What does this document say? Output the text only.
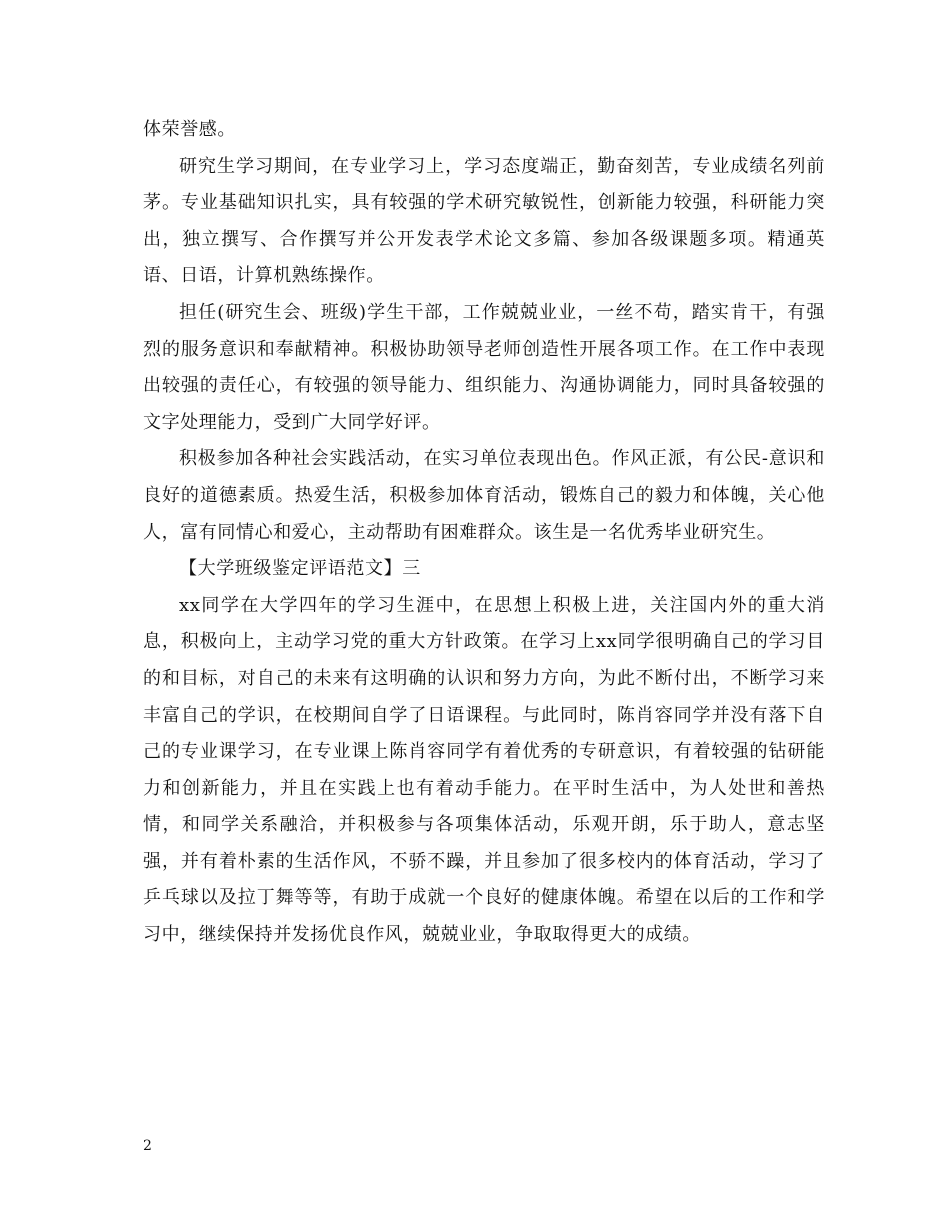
体荣誉感。

研究生学习期间，在专业学习上，学习态度端正，勤奋刻苦，专业成绩名列前茅。专业基础知识扎实，具有较强的学术研究敏锐性，创新能力较强，科研能力突出，独立撰写、合作撰写并公开发表学术论文多篇、参加各级课题多项。精通英语、日语，计算机熟练操作。

担任(研究生会、班级)学生干部，工作兢兢业业，一丝不苟，踏实肯干，有强烈的服务意识和奉献精神。积极协助领导老师创造性开展各项工作。在工作中表现出较强的责任心，有较强的领导能力、组织能力、沟通协调能力，同时具备较强的文字处理能力，受到广大同学好评。

积极参加各种社会实践活动，在实习单位表现出色。作风正派，有公民-意识和良好的道德素质。热爱生活，积极参加体育活动，锻炼自己的毅力和体魄，关心他人，富有同情心和爱心，主动帮助有困难群众。该生是一名优秀毕业研究生。

【大学班级鉴定评语范文】三

xx同学在大学四年的学习生涯中，在思想上积极上进，关注国内外的重大消息，积极向上，主动学习党的重大方针政策。在学习上xx同学很明确自己的学习目的和目标，对自己的未来有这明确的认识和努力方向，为此不断付出，不断学习来丰富自己的学识，在校期间自学了日语课程。与此同时，陈肖容同学并没有落下自己的专业课学习，在专业课上陈肖容同学有着优秀的专研意识，有着较强的钻研能力和创新能力，并且在实践上也有着动手能力。在平时生活中，为人处世和善热情，和同学关系融洽，并积极参与各项集体活动，乐观开朗，乐于助人，意志坚强，并有着朴素的生活作风，不骄不躁，并且参加了很多校内的体育活动，学习了乒乓球以及拉丁舞等等，有助于成就一个良好的健康体魄。希望在以后的工作和学习中，继续保持并发扬优良作风，兢兢业业，争取取得更大的成绩。

2
